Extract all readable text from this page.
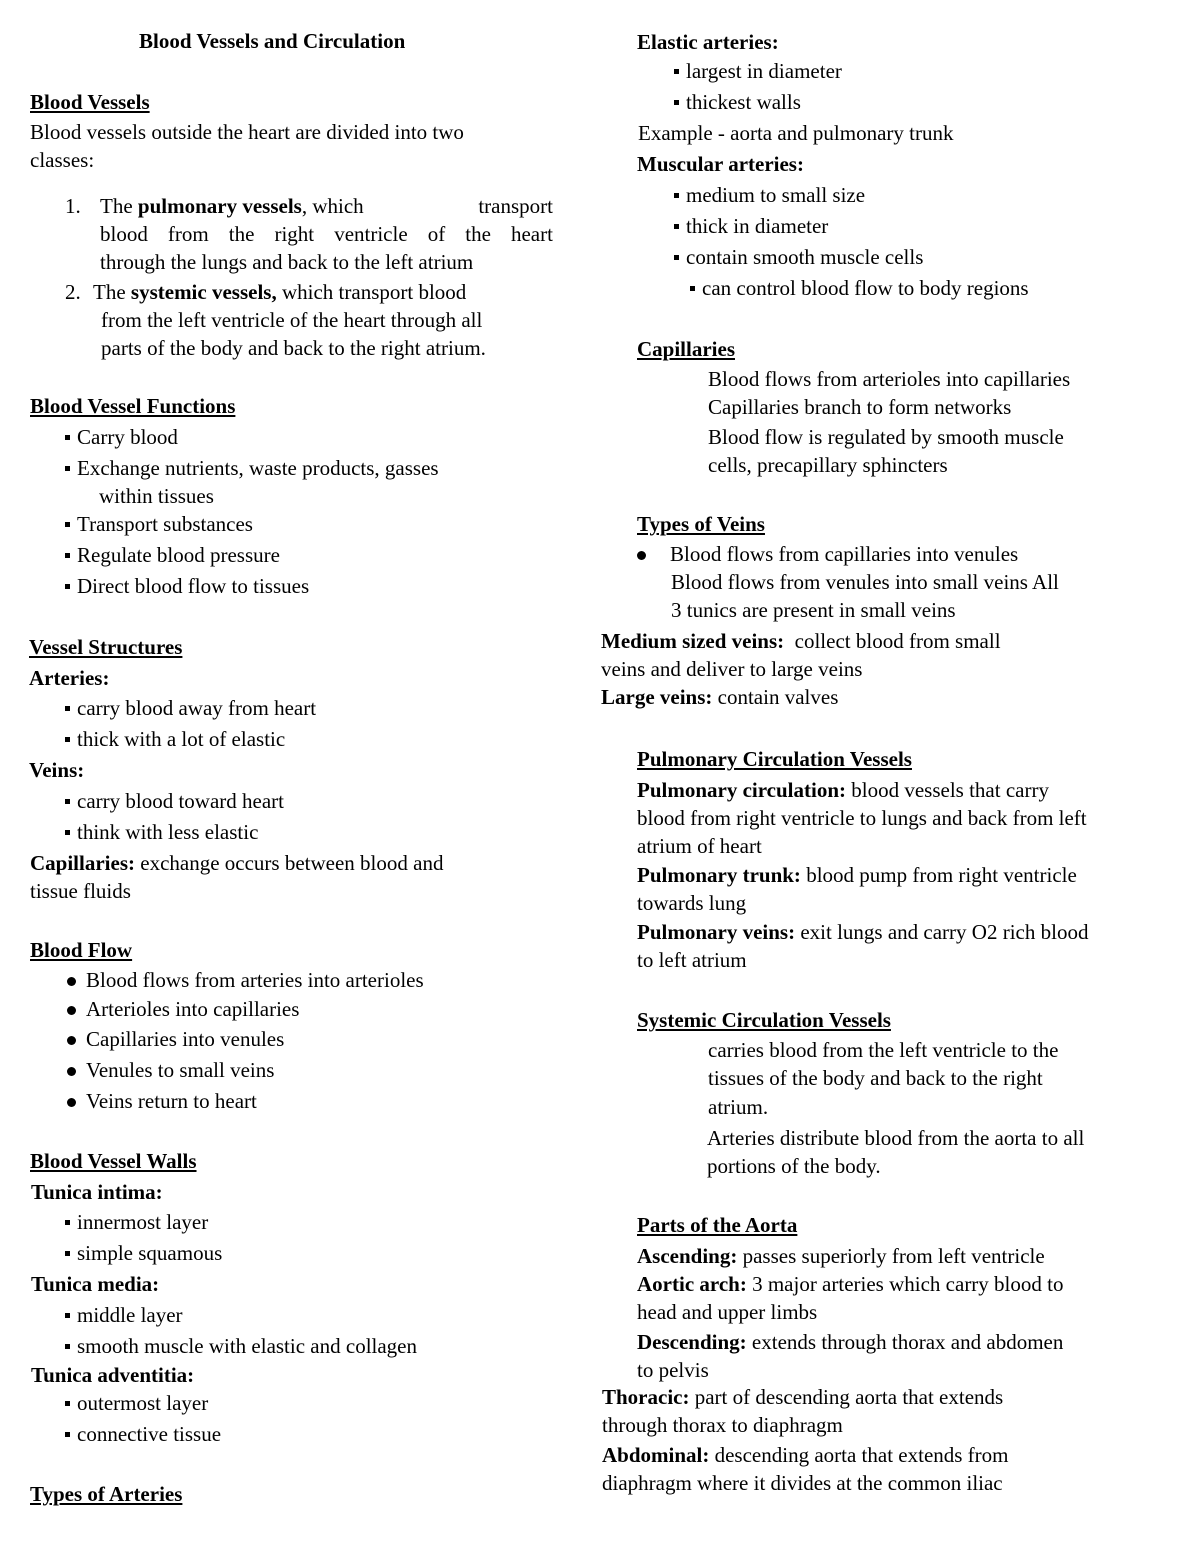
Blood Vessels and Circulation
Blood Vessels
Blood vessels outside the heart are divided into two
classes:
1. The pulmonary vessels, which	transport
blood from the right ventricle of the heart
through the lungs and back to the left atrium
2. The systemic vessels, which transport blood
from the left ventricle of the heart through all
parts of the body and back to the right atrium.
Blood Vessel Functions
Carry blood
Exchange nutrients, waste products, gasses
within tissues
Transport substances
Regulate blood pressure
Direct blood flow to tissues
Vessel Structures
Arteries:
carry blood away from heart
thick with a lot of elastic
Veins:
carry blood toward heart
think with less elastic
Capillaries: exchange occurs between blood and
tissue fluids
Blood Flow
Blood flows from arteries into arterioles
Arterioles into capillaries
Capillaries into venules
Venules to small veins
Veins return to heart
Blood Vessel Walls
Tunica intima:
innermost layer
simple squamous
Tunica media:
middle layer
smooth muscle with elastic and collagen
Tunica adventitia:
outermost layer
connective tissue
Types of Arteries
Elastic arteries:
largest in diameter
thickest walls
Example - aorta and pulmonary trunk
Muscular arteries:
medium to small size
thick in diameter
contain smooth muscle cells
can control blood flow to body regions
Capillaries
Blood flows from arterioles into capillaries
Capillaries branch to form networks
Blood flow is regulated by smooth muscle
cells, precapillary sphincters
Types of Veins
Blood flows from capillaries into venules
Blood flows from venules into small veins All
3 tunics are present in small veins
Medium sized veins:  collect blood from small
veins and deliver to large veins
Large veins: contain valves
Pulmonary Circulation Vessels
Pulmonary circulation: blood vessels that carry
blood from right ventricle to lungs and back from left
atrium of heart
Pulmonary trunk: blood pump from right ventricle
towards lung
Pulmonary veins: exit lungs and carry O2 rich blood
to left atrium
Systemic Circulation Vessels
carries blood from the left ventricle to the
tissues of the body and back to the right
atrium.
Arteries distribute blood from the aorta to all
portions of the body.
Parts of the Aorta
Ascending: passes superiorly from left ventricle
Aortic arch: 3 major arteries which carry blood to
head and upper limbs
Descending: extends through thorax and abdomen
to pelvis
Thoracic: part of descending aorta that extends
through thorax to diaphragm
Abdominal: descending aorta that extends from
diaphragm where it divides at the common iliac
